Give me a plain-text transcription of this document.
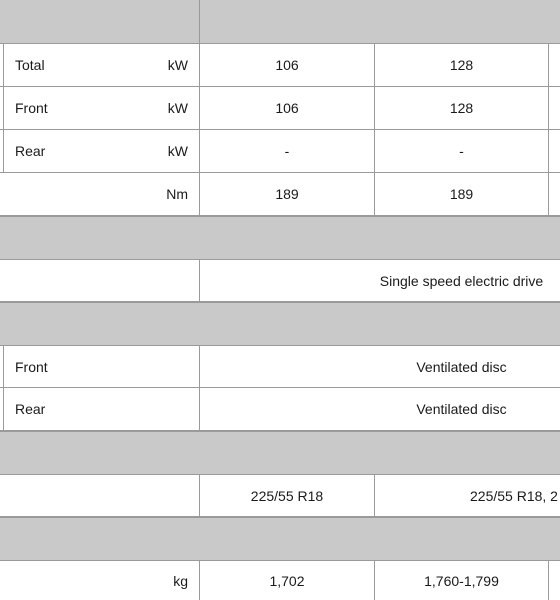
Total	kW	106	128
Front	kW	106	128
Rear	kW	-	-
Nm	189	189
Single speed electric drive
Front	Ventilated disc
Rear	Ventilated disc
225/55 R18	225/55 R18, 2
kg	1,702	1,760-1,799
